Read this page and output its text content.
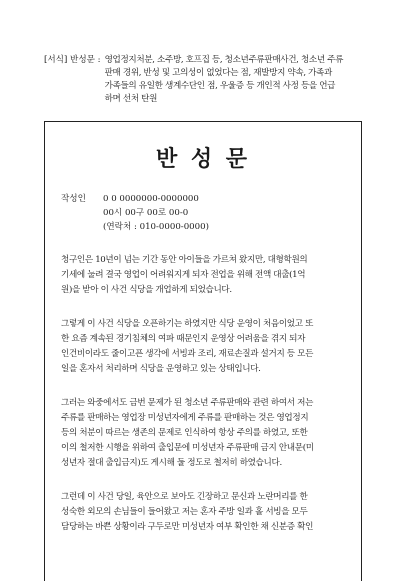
[서식] 반성문 : 영업정지처분, 소주방, 호프집 등, 청소년주류판매사건, 청소년 주류
판매 경위, 반성 및 고의성이 없었다는 점, 재발방지 약속, 가족과
가족들의 유일한 생계수단인 점, 우울증 등 개인적 사정 등을 언급
하며 선처 탄원
반 성 문
작성인	0 0 0000000-0000000
00시 00구 00로 00-0
(연락처 : 010-0000-0000)
청구인은 10년이 넘는 기간 동안 아이들을 가르쳐 왔지만, 대형학원의
기세에 눌려 결국 영업이 어려워지게 되자 전업을 위해 전액 대출(1억
원)을 받아 이 사건 식당을 개업하게 되었습니다.
그렇게 이 사건 식당을 오픈하기는 하였지만 식당 운영이 처음이었고 또
한 요즘 계속된 경기침체의 여파 때문인지 운영상 어려움을 겪지 되자
인건비이라도 줄이고픈 생각에 서빙과 조리, 재료손질과 설거지 등 모든
일을 혼자서 처리하며 식당을 운영하고 있는 상태입니다.
그러는 와중에서도 금번 문제가 된 청소년 주류판매와 관련 하여서 저는
주류를 판매하는 영업장 미성년자에게 주류를 판매하는 것은 영업정지
등의 처분이 따르는 생존의 문제로 인식하여 항상 주의를 하였고, 또한
이의 철저한 시행을 위하여 출입문에 미성년자 주류판매 금지 안내문(미
성년자 절대 출입금지)도 게시해 둘 정도로 철저히 하였습니다.
그런데 이 사건 당일, 육안으로 보아도 긴장하고 문신과 노란머리를 한
성숙한 외모의 손님들이 들어왔고 저는 혼자 주방 일과 홀 서빙을 모두
담당하는 바쁜 상황이라 구두로만 미성년자 여부 확인한 채 신분증 확인
